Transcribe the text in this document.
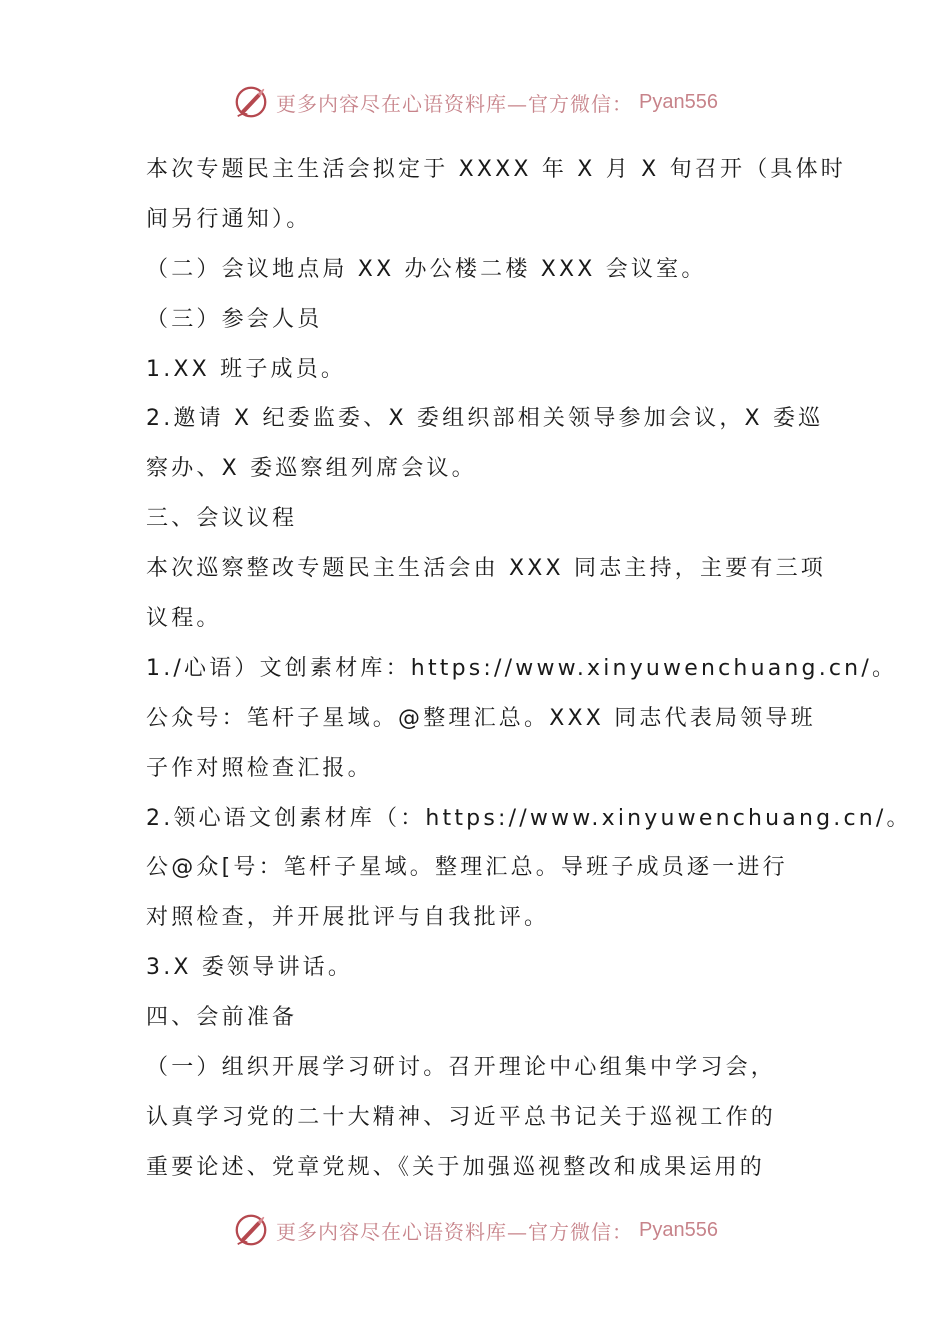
更多内容尽在心语资料库—官方微信： Pyan556
本次专题民主生活会拟定于 XXXX 年 X 月 X 旬召开（具体时
间另行通知）。
（二）会议地点局 XX 办公楼二楼 XXX 会议室。
（三）参会人员
1.XX 班子成员。
2.邀请 X 纪委监委、X 委组织部相关领导参加会议，X 委巡
察办、X 委巡察组列席会议。
三、会议议程
本次巡察整改专题民主生活会由 XXX 同志主持，主要有三项
议程。
1./心语）文创素材库：https://www.xinyuwenchuang.cn/。
公众号：笔杆子星域。@整理汇总。XXX 同志代表局领导班
子作对照检查汇报。
2.领心语文创素材库（：https://www.xinyuwenchuang.cn/。
公@众[号：笔杆子星域。整理汇总。导班子成员逐一进行
对照检查，并开展批评与自我批评。
3.X 委领导讲话。
四、会前准备
（一）组织开展学习研讨。召开理论中心组集中学习会，
认真学习党的二十大精神、习近平总书记关于巡视工作的
重要论述、党章党规、《关于加强巡视整改和成果运用的
更多内容尽在心语资料库—官方微信： Pyan556
